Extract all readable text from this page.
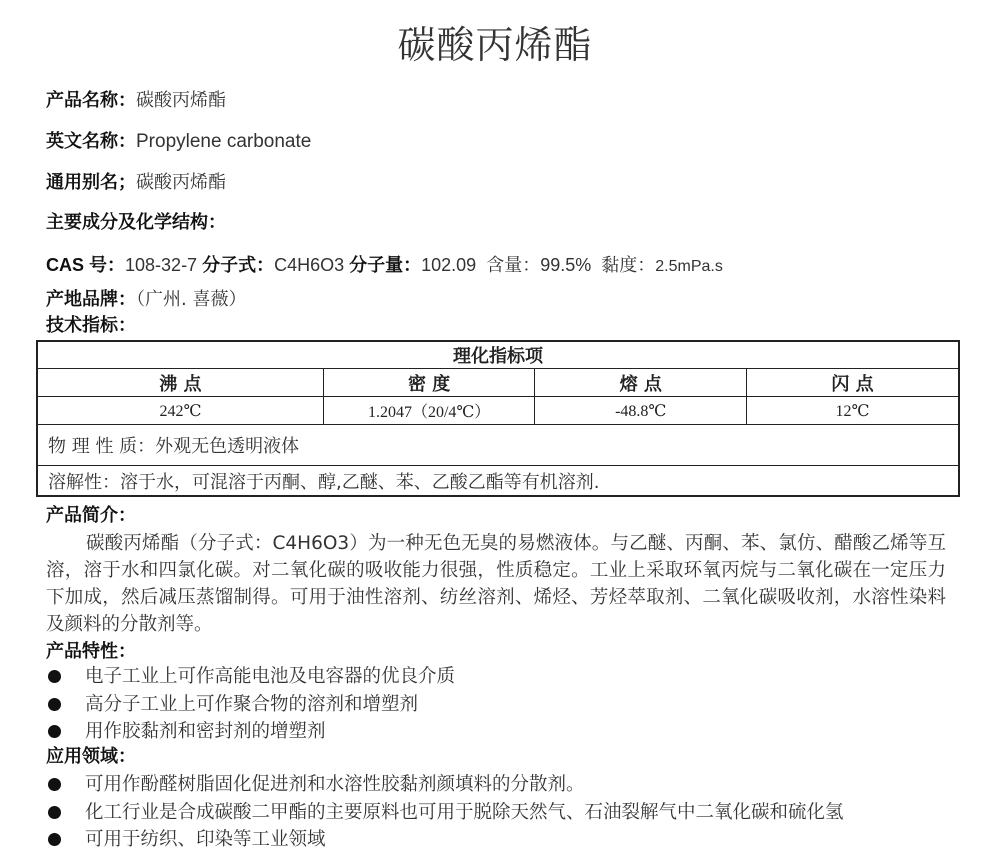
碳酸丙烯酯
产品名称：碳酸丙烯酯
英文名称：Propylene carbonate
通用别名；碳酸丙烯酯
主要成分及化学结构：
CAS 号：108-32-7 分子式：C4H6O3 分子量：102.09 含量：99.5% 黏度：2.5mPa.s
产地品牌：（广州. 喜薇）
技术指标：
理化指标项			
沸 点	密 度	熔 点	闪 点
242℃	1.2047（20/4℃）	-48.8℃	12℃
物 理 性 质：外观无色透明液体			
溶解性：溶于水，可混溶于丙酮、醇,乙醚、苯、乙酸乙酯等有机溶剂.			
产品简介：
碳酸丙烯酯（分子式：C4H6O3）为一种无色无臭的易燃液体。与乙醚、丙酮、苯、氯仿、醋酸乙烯等互溶，溶于水和四氯化碳。对二氧化碳的吸收能力很强，性质稳定。工业上采取环氧丙烷与二氧化碳在一定压力下加成，然后减压蒸馏制得。可用于油性溶剂、纺丝溶剂、烯烃、芳烃萃取剂、二氧化碳吸收剂，水溶性染料及颜料的分散剂等。
产品特性：
电子工业上可作高能电池及电容器的优良介质
高分子工业上可作聚合物的溶剂和增塑剂
用作胶黏剂和密封剂的增塑剂
应用领域：
可用作酚醛树脂固化促进剂和水溶性胶黏剂颜填料的分散剂。
化工行业是合成碳酸二甲酯的主要原料也可用于脱除天然气、石油裂解气中二氧化碳和硫化氢
可用于纺织、印染等工业领域
